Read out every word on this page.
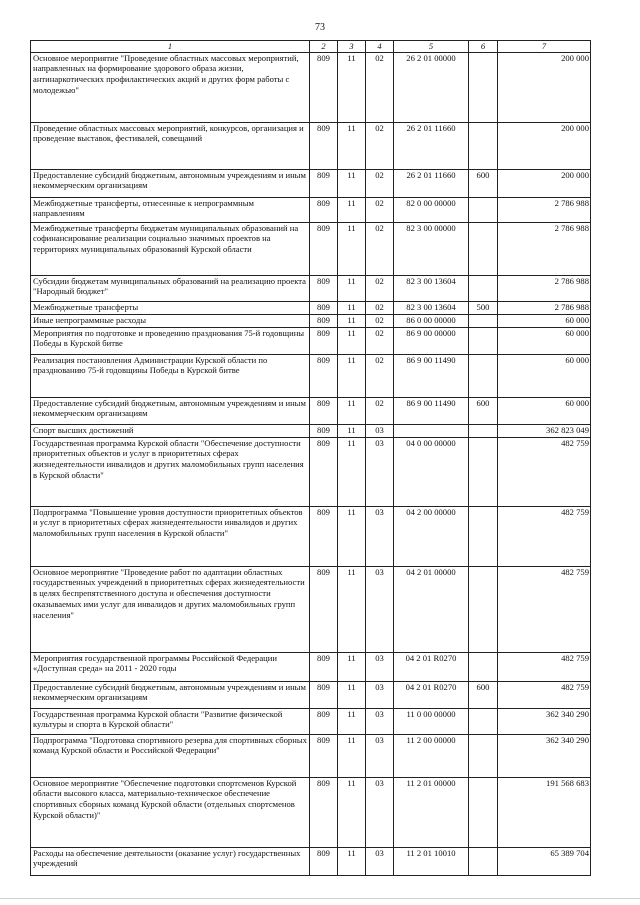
73
1	2	3	4	5	6	7
Основное мероприятие "Проведение областных массовых мероприятий, направленных на формирование здорового образа жизни, антинаркотических профилактических акций и других форм работы с молодежью"	809	11	02	26 2 01 00000		200 000
Проведение областных массовых мероприятий, конкурсов, организация и проведение выставок, фестивалей, совещаний	809	11	02	26 2 01 11660		200 000
Предоставление субсидий бюджетным, автономным учреждениям и иным некоммерческим организациям	809	11	02	26 2 01 11660	600	200 000
Межбюджетные трансферты, отнесенные к непрограммным направлениям	809	11	02	82 0 00 00000		2 786 988
Межбюджетные трансферты бюджетам муниципальных образований на софинансирование реализации социально значимых проектов на территориях муниципальных образований Курской области	809	11	02	82 3 00 00000		2 786 988
Субсидии бюджетам муниципальных образований на реализацию проекта "Народный бюджет"	809	11	02	82 3 00 13604		2 786 988
Межбюджетные трансферты	809	11	02	82 3 00 13604	500	2 786 988
Иные непрограммные расходы	809	11	02	86 0 00 00000		60 000
Мероприятия по подготовке и проведению празднования 75-й годовщины Победы в Курской битве	809	11	02	86 9 00 00000		60 000
Реализация постановления Администрации Курской области по празднованию 75-й годовщины Победы в Курской битве	809	11	02	86 9 00 11490		60 000
Предоставление субсидий бюджетным, автономным учреждениям и иным некоммерческим организациям	809	11	02	86 9 00 11490	600	60 000
Спорт высших достижений	809	11	03			362 823 049
Государственная программа Курской области "Обеспечение доступности приоритетных объектов и услуг в приоритетных сферах жизнедеятельности инвалидов и других маломобильных групп населения в Курской области"	809	11	03	04 0 00 00000		482 759
Подпрограмма "Повышение уровня доступности приоритетных объектов и услуг в приоритетных сферах жизнедеятельности инвалидов и других маломобильных групп населения в Курской области"	809	11	03	04 2 00 00000		482 759
Основное мероприятие "Проведение работ по адаптации областных государственных учреждений в приоритетных сферах жизнедеятельности в целях беспрепятственного доступа и обеспечения доступности оказываемых ими услуг для инвалидов и других маломобильных групп населения"	809	11	03	04 2 01 00000		482 759
Мероприятия государственной программы Российской Федерации «Доступная среда» на 2011 - 2020 годы	809	11	03	04 2 01 R0270		482 759
Предоставление субсидий бюджетным, автономным учреждениям и иным некоммерческим организациям	809	11	03	04 2 01 R0270	600	482 759
Государственная программа Курской области "Развитие физической культуры и спорта в Курской области"	809	11	03	11 0 00 00000		362 340 290
Подпрограмма "Подготовка спортивного резерва для спортивных сборных команд Курской области и Российской Федерации"	809	11	03	11 2 00 00000		362 340 290
Основное мероприятие "Обеспечение подготовки спортсменов Курской области высокого класса, материально-техническое обеспечение спортивных сборных команд Курской области (отдельных спортсменов Курской области)"	809	11	03	11 2 01 00000		191 568 683
Расходы на обеспечение деятельности (оказание услуг) государственных учреждений	809	11	03	11 2 01 10010		65 389 704
